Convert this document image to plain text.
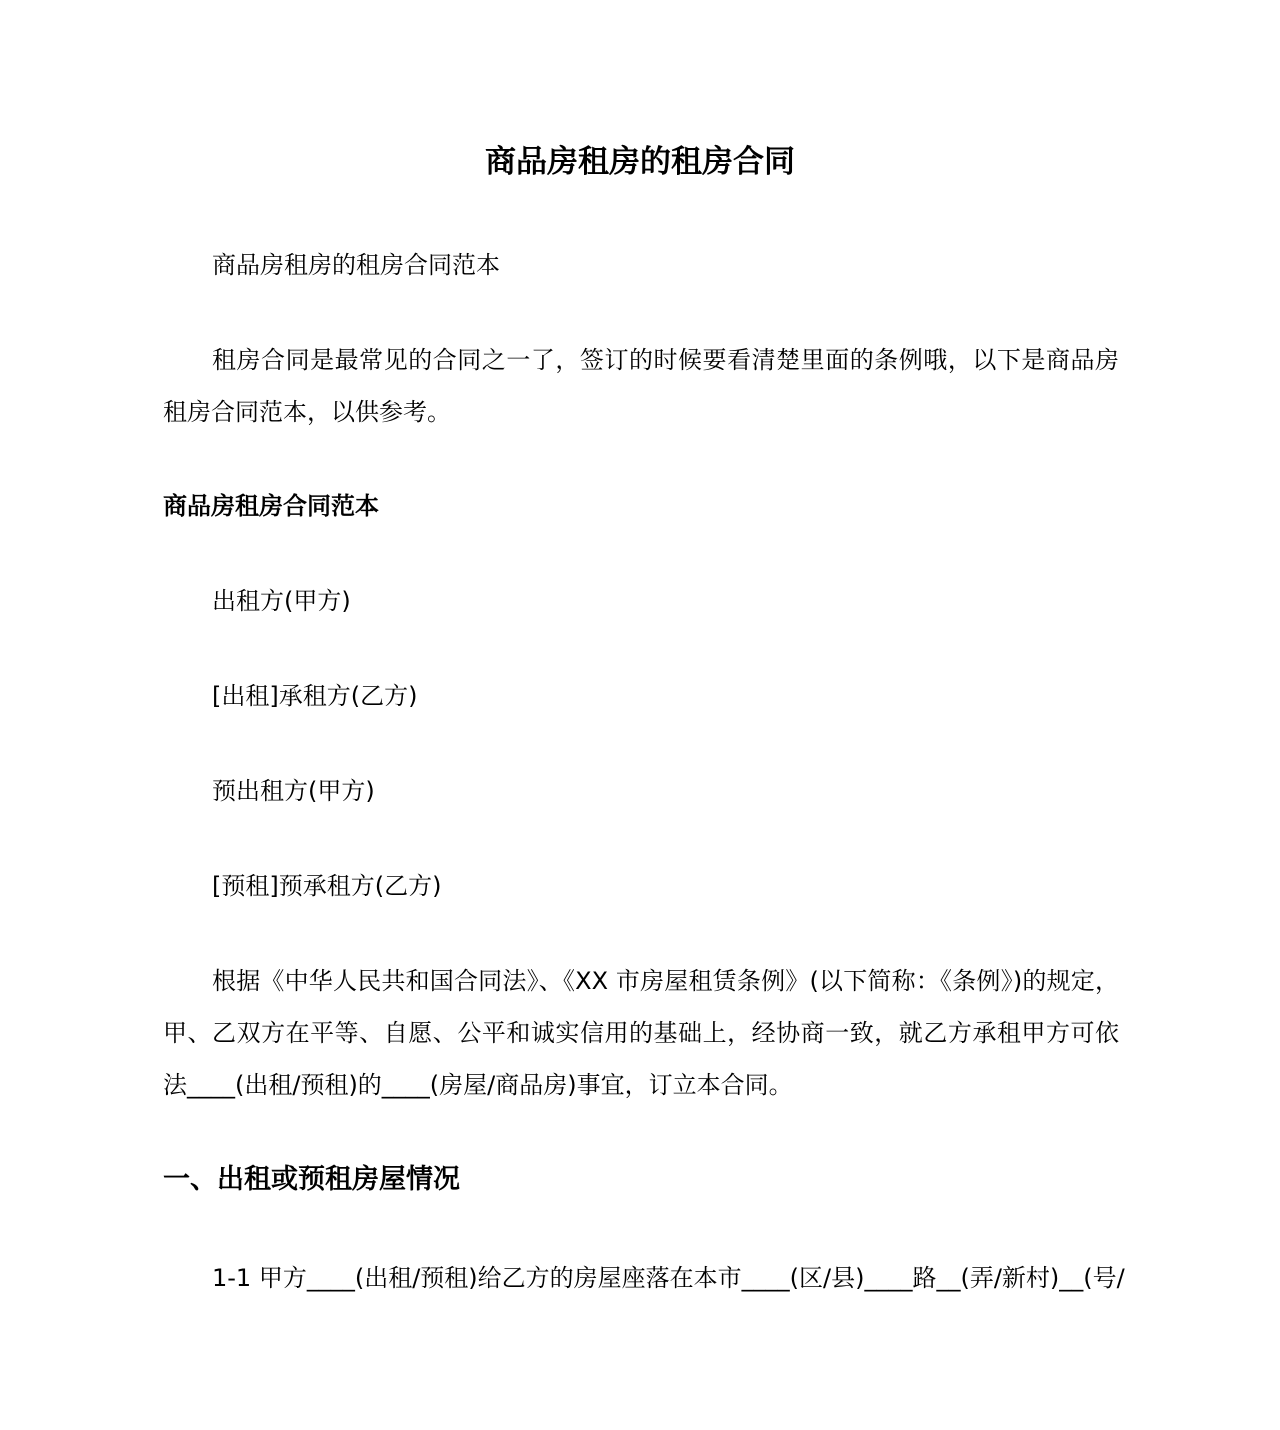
商品房租房的租房合同

商品房租房的租房合同范本

租房合同是最常见的合同之一了，签订的时候要看清楚里面的条例哦，以下是商品房租房合同范本，以供参考。

商品房租房合同范本

出租方(甲方)

[出租]承租方(乙方)

预出租方(甲方)

[预租]预承租方(乙方)

根据《中华人民共和国合同法》、《XX 市房屋租赁条例》(以下简称：《条例》)的规定，甲、乙双方在平等、自愿、公平和诚实信用的基础上，经协商一致，就乙方承租甲方可依法____(出租/预租)的____(房屋/商品房)事宜，订立本合同。

一、出租或预租房屋情况

1-1 甲方____(出租/预租)给乙方的房屋座落在本市____(区/县)____路__(弄/新村)__(号/
